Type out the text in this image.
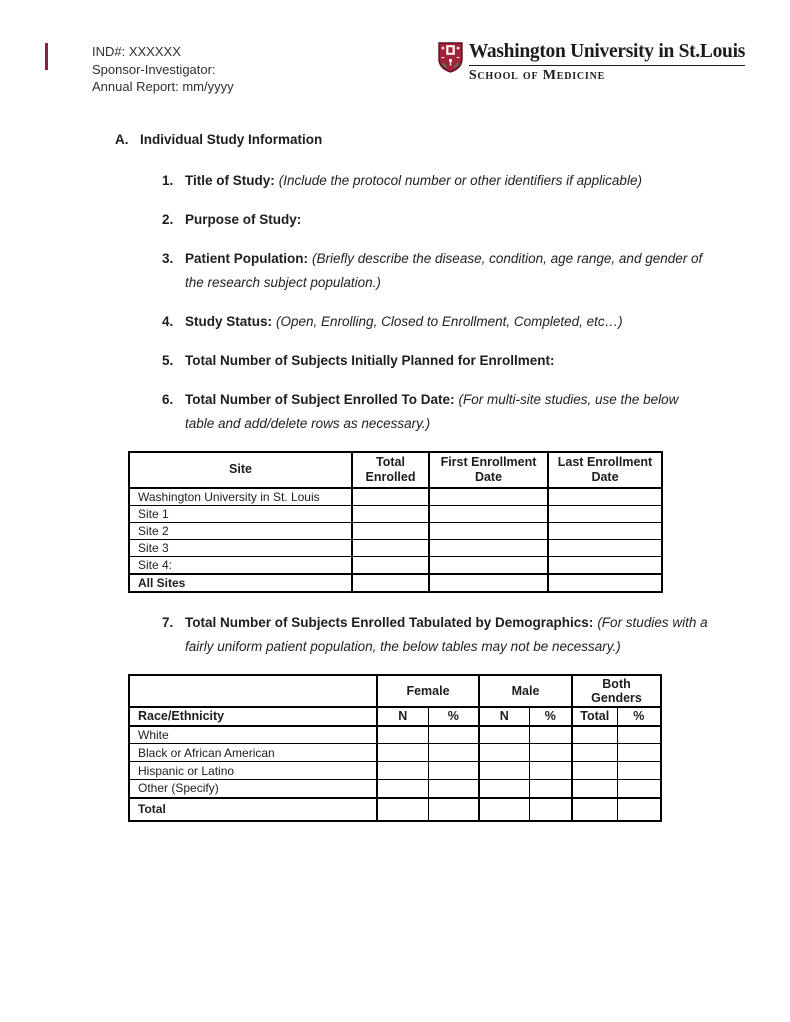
IND#: XXXXXX
Sponsor-Investigator:
Annual Report: mm/yyyy
Washington University in St.Louis
School of Medicine
A. Individual Study Information
1. Title of Study: (Include the protocol number or other identifiers if applicable)
2. Purpose of Study:
3. Patient Population: (Briefly describe the disease, condition, age range, and gender of the research subject population.)
4. Study Status: (Open, Enrolling, Closed to Enrollment, Completed, etc…)
5. Total Number of Subjects Initially Planned for Enrollment:
6. Total Number of Subject Enrolled To Date: (For multi-site studies, use the below table and add/delete rows as necessary.)
Site	Total Enrolled	First Enrollment Date	Last Enrollment Date
Washington University in St. Louis			
Site 1			
Site 2			
Site 3			
Site 4:			
All Sites			
7. Total Number of Subjects Enrolled Tabulated by Demographics: (For studies with a fairly uniform patient population, the below tables may not be necessary.)
	Female		Male		Both Genders	
Race/Ethnicity	N	%	N	%	Total	%
White						
Black or African American						
Hispanic or Latino						
Other (Specify)						
Total						
